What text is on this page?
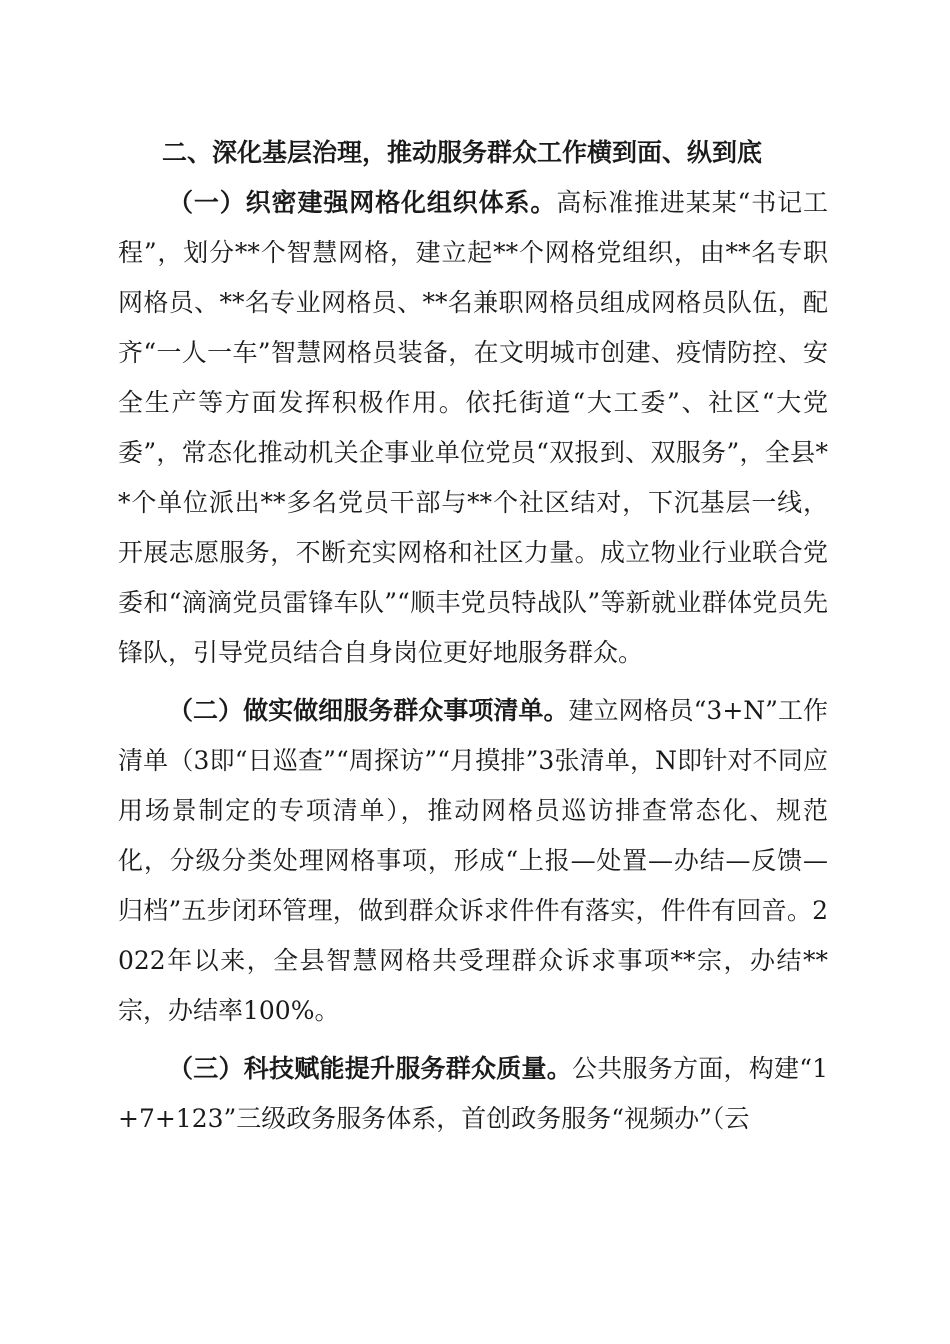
二、深化基层治理，推动服务群众工作横到面、纵到底

（一）织密建强网格化组织体系。高标准推进某某“书记工程”，划分**个智慧网格，建立起**个网格党组织，由**名专职网格员、**名专业网格员、**名兼职网格员组成网格员队伍，配齐“一人一车”智慧网格员装备，在文明城市创建、疫情防控、安全生产等方面发挥积极作用。依托街道“大工委”、社区“大党委”，常态化推动机关企事业单位党员“双报到、双服务”，全县**个单位派出**多名党员干部与**个社区结对，下沉基层一线，开展志愿服务，不断充实网格和社区力量。成立物业行业联合党委和“滴滴党员雷锋车队”“顺丰党员特战队”等新就业群体党员先锋队，引导党员结合自身岗位更好地服务群众。

（二）做实做细服务群众事项清单。建立网格员“3+N”工作清单（3即“日巡查”“周探访”“月摸排”3张清单，N即针对不同应用场景制定的专项清单），推动网格员巡访排查常态化、规范化，分级分类处理网格事项，形成“上报—处置—办结—反馈—归档”五步闭环管理，做到群众诉求件件有落实，件件有回音。2022年以来，全县智慧网格共受理群众诉求事项**宗，办结**宗，办结率100%。

（三）科技赋能提升服务群众质量。公共服务方面，构建“1+7+123”三级政务服务体系，首创政务服务“视频办”（云
